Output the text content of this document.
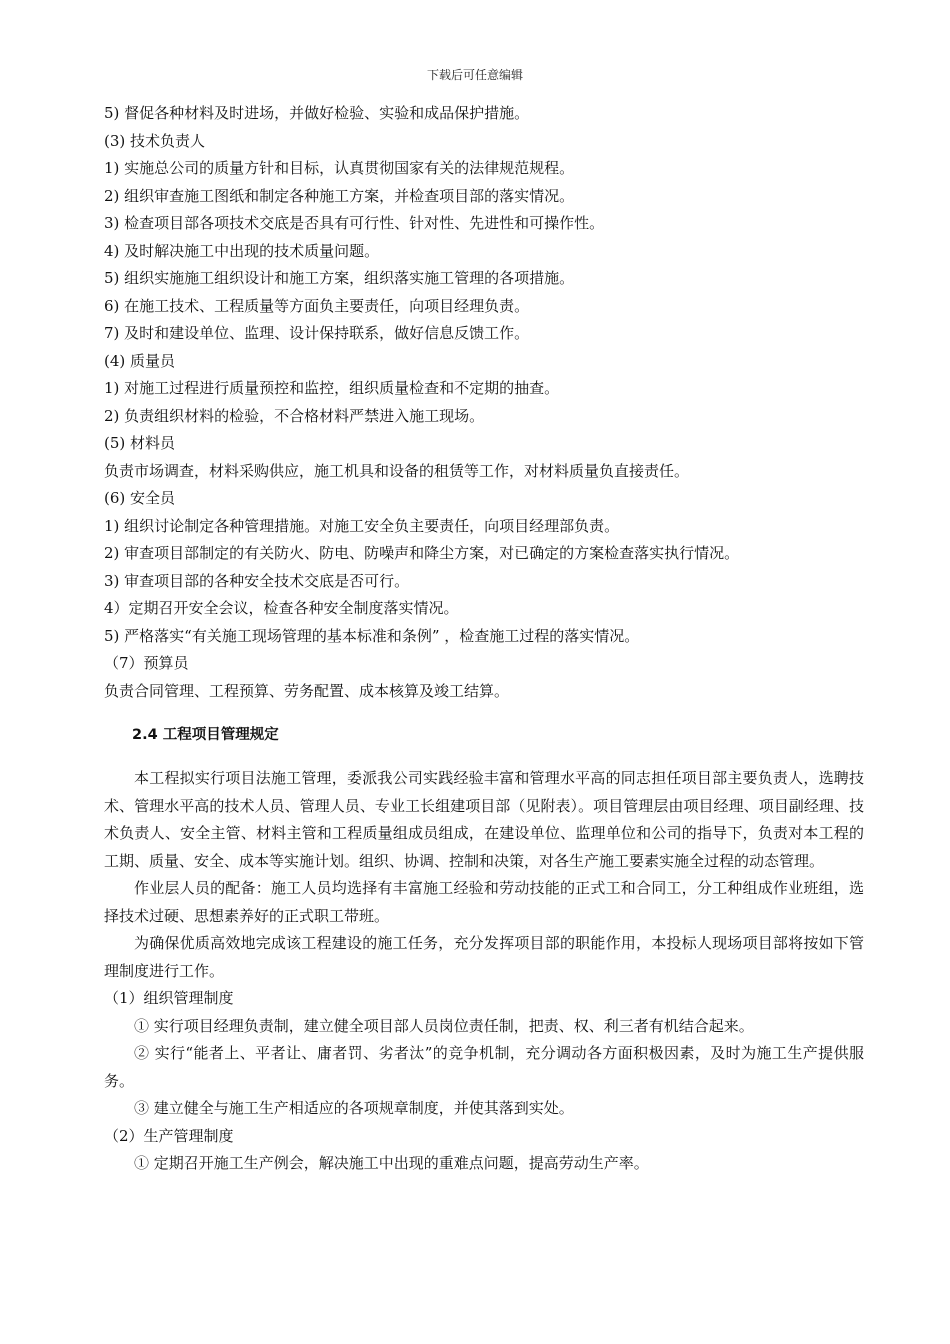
下载后可任意编辑
5) 督促各种材料及时进场，并做好检验、实验和成品保护措施。
(3) 技术负责人
1) 实施总公司的质量方针和目标，认真贯彻国家有关的法律规范规程。
2) 组织审查施工图纸和制定各种施工方案，并检查项目部的落实情况。
3) 检查项目部各项技术交底是否具有可行性、针对性、先进性和可操作性。
4) 及时解决施工中出现的技术质量问题。
5) 组织实施施工组织设计和施工方案，组织落实施工管理的各项措施。
6) 在施工技术、工程质量等方面负主要责任，向项目经理负责。
7) 及时和建设单位、监理、设计保持联系，做好信息反馈工作。
(4) 质量员
1) 对施工过程进行质量预控和监控，组织质量检查和不定期的抽查。
2) 负责组织材料的检验，不合格材料严禁进入施工现场。
(5) 材料员
负责市场调查，材料采购供应，施工机具和设备的租赁等工作，对材料质量负直接责任。
(6) 安全员
1) 组织讨论制定各种管理措施。对施工安全负主要责任，向项目经理部负责。
2) 审查项目部制定的有关防火、防电、防噪声和降尘方案，对已确定的方案检查落实执行情况。
3) 审查项目部的各种安全技术交底是否可行。
4）定期召开安全会议，检查各种安全制度落实情况。
5) 严格落实“有关施工现场管理的基本标准和条例” ，检查施工过程的落实情况。
（7）预算员
负责合同管理、工程预算、劳务配置、成本核算及竣工结算。
2.4 工程项目管理规定

本工程拟实行项目法施工管理，委派我公司实践经验丰富和管理水平高的同志担任项目部主要负责人，选聘技术、管理水平高的技术人员、管理人员、专业工长组建项目部（见附表）。项目管理层由项目经理、项目副经理、技术负责人、安全主管、材料主管和工程质量组成员组成，在建设单位、监理单位和公司的指导下，负责对本工程的工期、质量、安全、成本等实施计划。组织、协调、控制和决策，对各生产施工要素实施全过程的动态管理。

作业层人员的配备：施工人员均选择有丰富施工经验和劳动技能的正式工和合同工，分工种组成作业班组，选择技术过硬、思想素养好的正式职工带班。

为确保优质高效地完成该工程建设的施工任务，充分发挥项目部的职能作用，本投标人现场项目部将按如下管理制度进行工作。

（1）组织管理制度

① 实行项目经理负责制，建立健全项目部人员岗位责任制，把责、权、利三者有机结合起来。

② 实行“能者上、平者让、庸者罚、劣者汰”的竞争机制，充分调动各方面积极因素，及时为施工生产提供服务。

③ 建立健全与施工生产相适应的各项规章制度，并使其落到实处。

（2）生产管理制度

① 定期召开施工生产例会，解决施工中出现的重难点问题，提高劳动生产率。
